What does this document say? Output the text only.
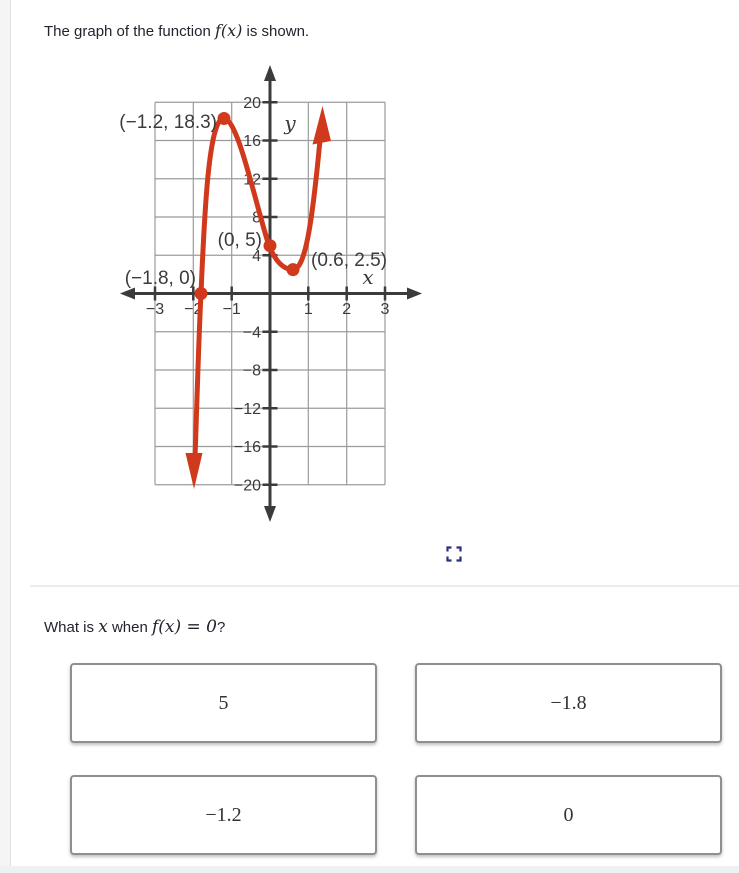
The graph of the function f(x) is shown.

20
16
12
8
4
−4
−8
−12
−16
−20
−3 −2 −1	1 2 3
y
x
(−1.2, 18.3)
(0, 5)
(−1.8, 0)
(0.6, 2.5)

What is x when f(x) = 0?

5	−1.8
−1.2	0
